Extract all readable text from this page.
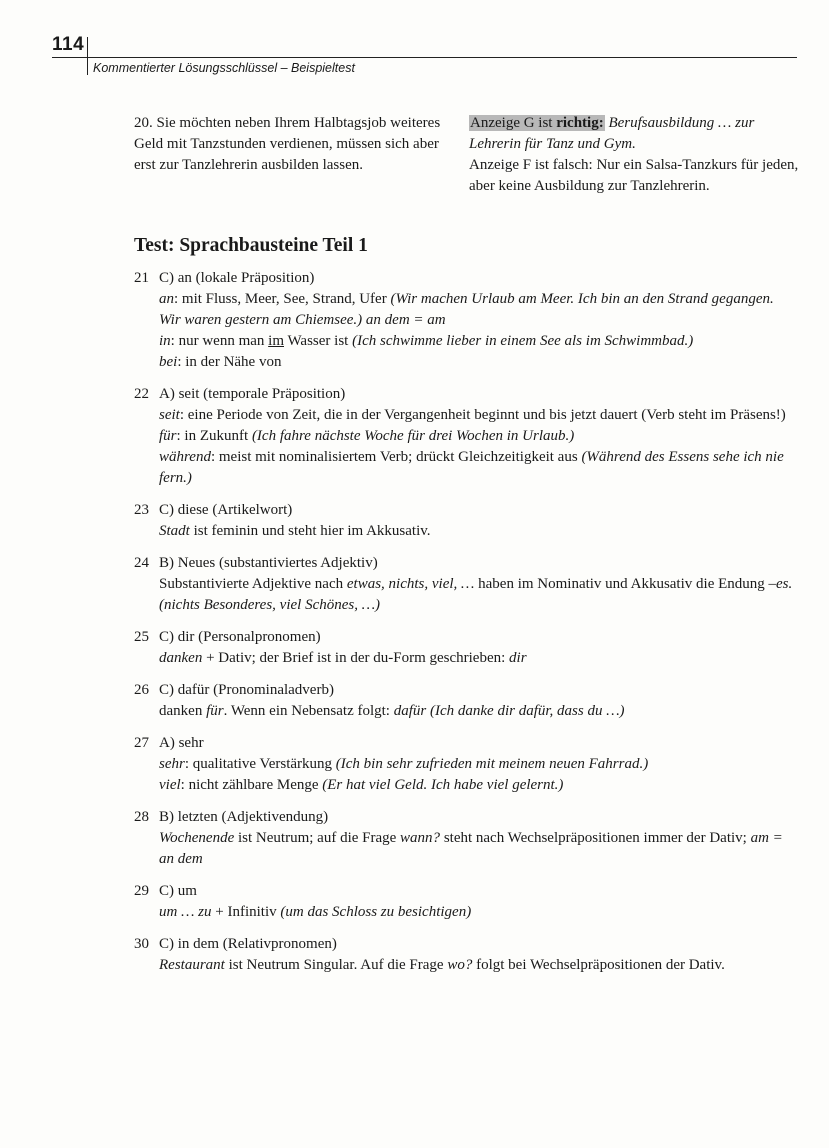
114
Kommentierter Lösungsschlüssel – Beispieltest
20. Sie möchten neben Ihrem Halbtagsjob weiteres Geld mit Tanzstunden verdienen, müssen sich aber erst zur Tanzlehrerin ausbilden lassen.
Anzeige G ist richtig: Berufsausbildung … zur Lehrerin für Tanz und Gym.
Anzeige F ist falsch: Nur ein Salsa-Tanzkurs für jeden, aber keine Ausbildung zur Tanzlehrerin.
Test: Sprachbausteine Teil 1
21 C) an (lokale Präposition)
an: mit Fluss, Meer, See, Strand, Ufer (Wir machen Urlaub am Meer. Ich bin an den Strand gegangen. Wir waren gestern am Chiemsee.) an dem = am
in: nur wenn man im Wasser ist (Ich schwimme lieber in einem See als im Schwimmbad.)
bei: in der Nähe von
22 A) seit (temporale Präposition)
seit: eine Periode von Zeit, die in der Vergangenheit beginnt und bis jetzt dauert (Verb steht im Präsens!)
für: in Zukunft (Ich fahre nächste Woche für drei Wochen in Urlaub.)
während: meist mit nominalisiertem Verb; drückt Gleichzeitigkeit aus (Während des Essens sehe ich nie fern.)
23 C) diese (Artikelwort)
Stadt ist feminin und steht hier im Akkusativ.
24 B) Neues (substantiviertes Adjektiv)
Substantivierte Adjektive nach etwas, nichts, viel, … haben im Nominativ und Akkusativ die Endung –es. (nichts Besonderes, viel Schönes, …)
25 C) dir (Personalpronomen)
danken + Dativ; der Brief ist in der du-Form geschrieben: dir
26 C) dafür (Pronominaladverb)
danken für. Wenn ein Nebensatz folgt: dafür (Ich danke dir dafür, dass du …)
27 A) sehr
sehr: qualitative Verstärkung (Ich bin sehr zufrieden mit meinem neuen Fahrrad.)
viel: nicht zählbare Menge (Er hat viel Geld. Ich habe viel gelernt.)
28 B) letzten (Adjektivendung)
Wochenende ist Neutrum; auf die Frage wann? steht nach Wechselpräpositionen immer der Dativ; am = an dem
29 C) um
um … zu + Infinitiv (um das Schloss zu besichtigen)
30 C) in dem (Relativpronomen)
Restaurant ist Neutrum Singular. Auf die Frage wo? folgt bei Wechselpräpositionen der Dativ.
